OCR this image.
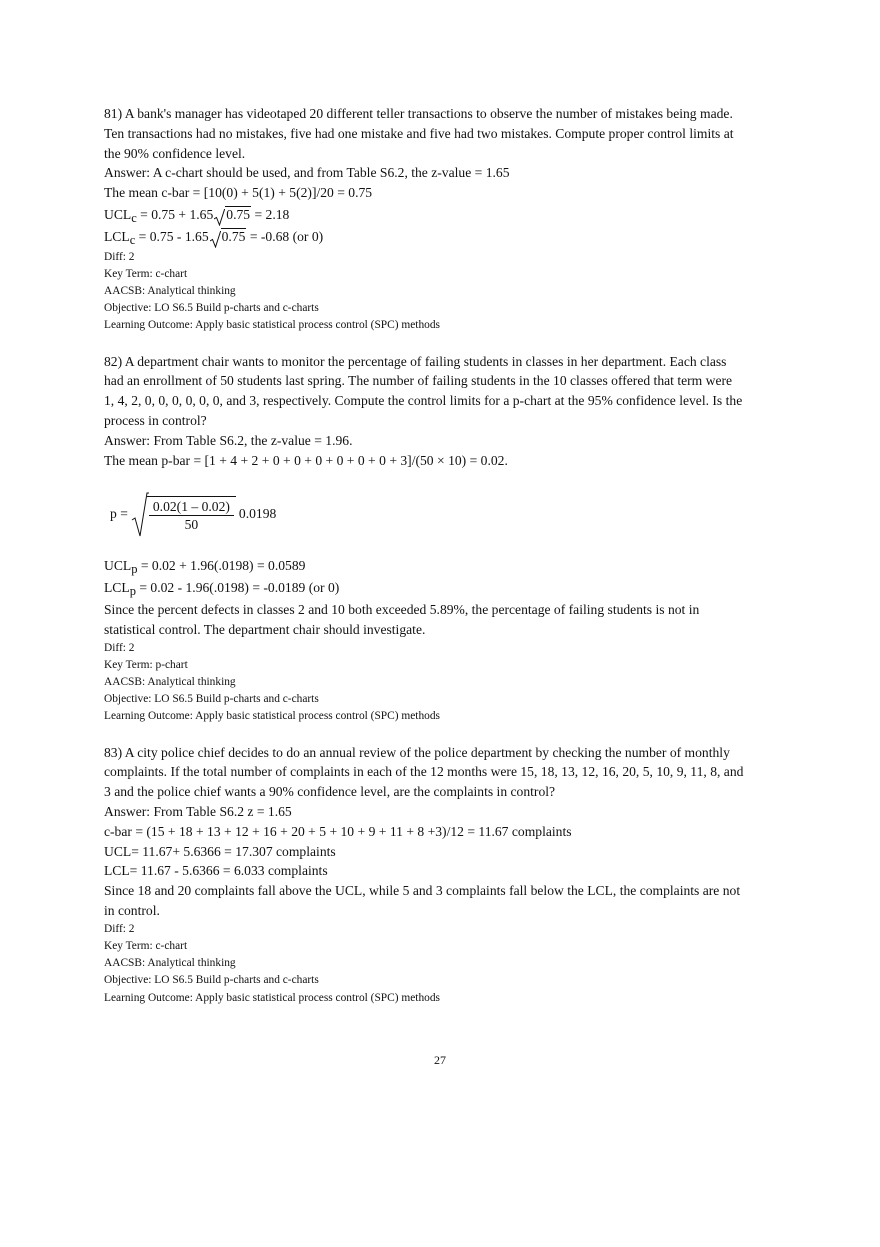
81) A bank's manager has videotaped 20 different teller transactions to observe the number of mistakes being made. Ten transactions had no mistakes, five had one mistake and five had two mistakes. Compute proper control limits at the 90% confidence level.

Answer: A c-chart should be used, and from Table S6.2, the z-value = 1.65

The mean c-bar = [10(0) + 5(1) + 5(2)]/20 = 0.75

$UCL_c = 0.75 + 1.65$ 0.75 = 2.18

$LCL_c = 0.75 - 1.65$ 0.75 = -0.68 (or 0)

Diff: 2

Key Term: c-chart

AACSB: Analytical thinking

Objective: LO S6.5 Build p-charts and c-charts

Learning Outcome: Apply basic statistical process control (SPC) methods

82) A department chair wants to monitor the percentage of failing students in classes in her department. Each class had an enrollment of 50 students last spring. The number of failing students in the 10 classes offered that term were 1, 4, 2, 0, 0, 0, 0, 0, 0, and 3, respectively. Compute the control limits for a p-chart at the 95% confidence level. Is the process in control?

Answer: From Table S6.2, the z-value = 1.96.

The mean p-bar = [1 + 4 + 2 + 0 + 0 + 0 + 0 + 0 + 0 + 3]/(50 × 10) = 0.02.

$p = \frac{0.02(1 - 0.02)}{50} 0.0198$

$UCL_p = 0.02 + 1.96(.0198) = 0.0589$

$LCL_p = 0.02 - 1.96(.0198) = -0.0189$ (or 0)

Since the percent defects in classes 2 and 10 both exceeded 5.89%, the percentage of failing students is not in statistical control. The department chair should investigate.

Diff: 2

Key Term: p-chart

AACSB: Analytical thinking

Objective: LO S6.5 Build p-charts and c-charts

Learning Outcome: Apply basic statistical process control (SPC) methods

83) A city police chief decides to do an annual review of the police department by checking the number of monthly complaints. If the total number of complaints in each of the 12 months were 15, 18, 13, 12, 16, 20, 5, 10, 9, 11, 8, and 3 and the police chief wants a 90% confidence level, are the complaints in control?

Answer: From Table S6.2 z = 1.65

c-bar = (15 + 18 + 13 + 12 + 16 + 20 + 5 + 10 + 9 + 11 + 8 +3)/12 = 11.67 complaints

UCL= 11.67+ 5.6366 = 17.307 complaints

LCL= 11.67 - 5.6366 = 6.033 complaints

Since 18 and 20 complaints fall above the UCL, while 5 and 3 complaints fall below the LCL, the complaints are not in control.

Diff: 2

Key Term: c-chart

AACSB: Analytical thinking

Objective: LO S6.5 Build p-charts and c-charts

Learning Outcome: Apply basic statistical process control (SPC) methods

27
